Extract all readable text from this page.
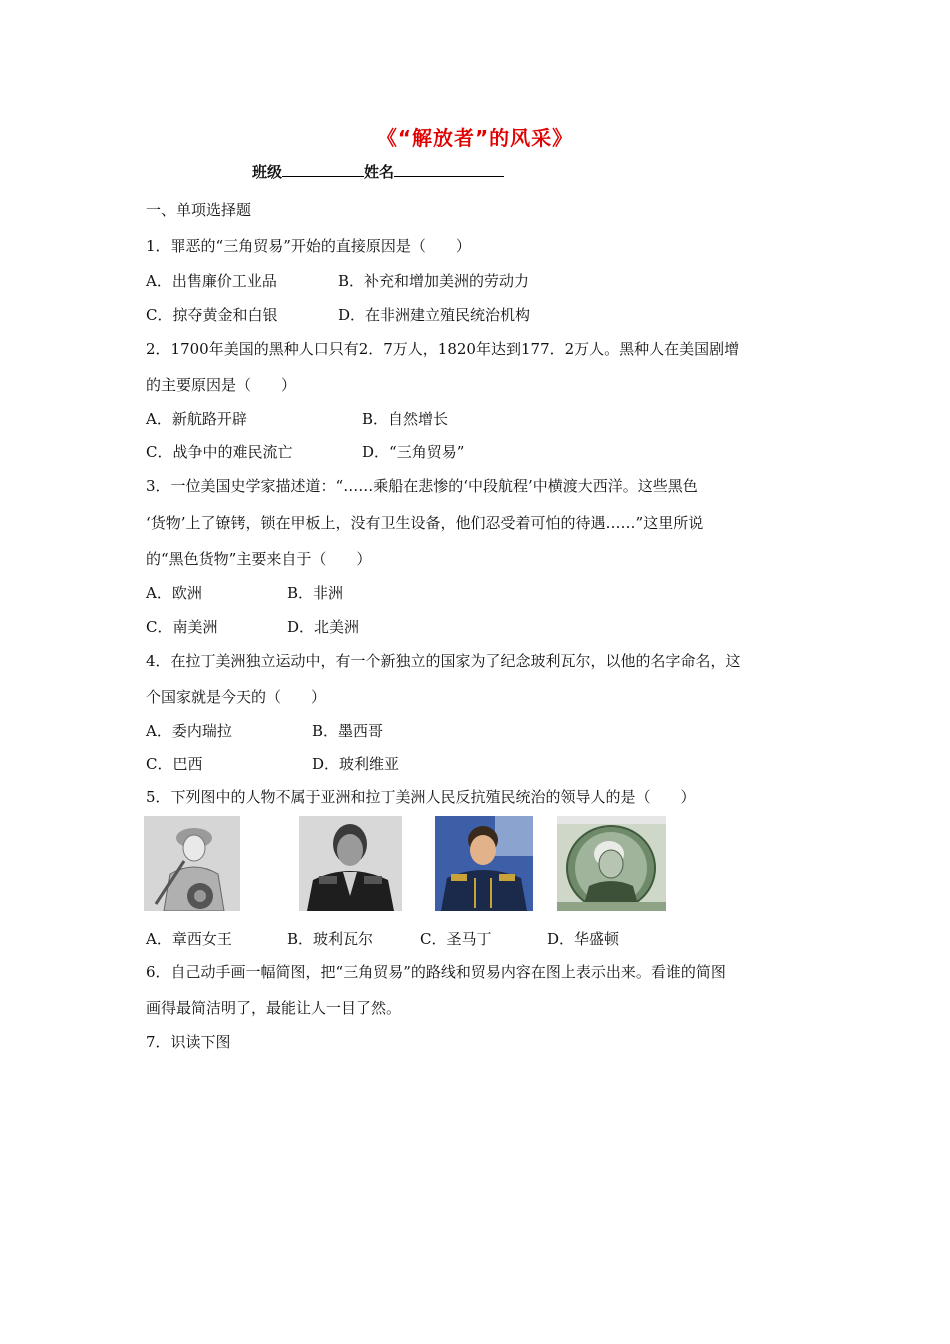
《“解放者”的风采》
班级	姓名
一、单项选择题
1．罪恶的“三角贸易”开始的直接原因是（　　）
A．出售廉价工业品	B．补充和增加美洲的劳动力
C．掠夺黄金和白银	D．在非洲建立殖民统治机构
2．1700年美国的黑种人口只有2．7万人，1820年达到177．2万人。黑种人在美国剧增
的主要原因是（　　）
A．新航路开辟	B．自然增长
C．战争中的难民流亡	D．“三角贸易”
3．一位美国史学家描述道：“……乘船在悲惨的‘中段航程’中横渡大西洋。这些黑色
‘货物’上了镣铐，锁在甲板上，没有卫生设备，他们忍受着可怕的待遇……”这里所说
的“黑色货物”主要来自于（　　）
A．欧洲	B．非洲
C．南美洲	D．北美洲
4．在拉丁美洲独立运动中，有一个新独立的国家为了纪念玻利瓦尔，以他的名字命名，这
个国家就是今天的（　　）
A．委内瑞拉	B．墨西哥
C．巴西	D．玻利维亚
5．下列图中的人物不属于亚洲和拉丁美洲人民反抗殖民统治的领导人的是（　　）
A．章西女王	B．玻利瓦尔	C．圣马丁	D．华盛顿
6．自己动手画一幅简图，把“三角贸易”的路线和贸易内容在图上表示出来。看谁的简图
画得最简洁明了，最能让人一目了然。
7．识读下图
